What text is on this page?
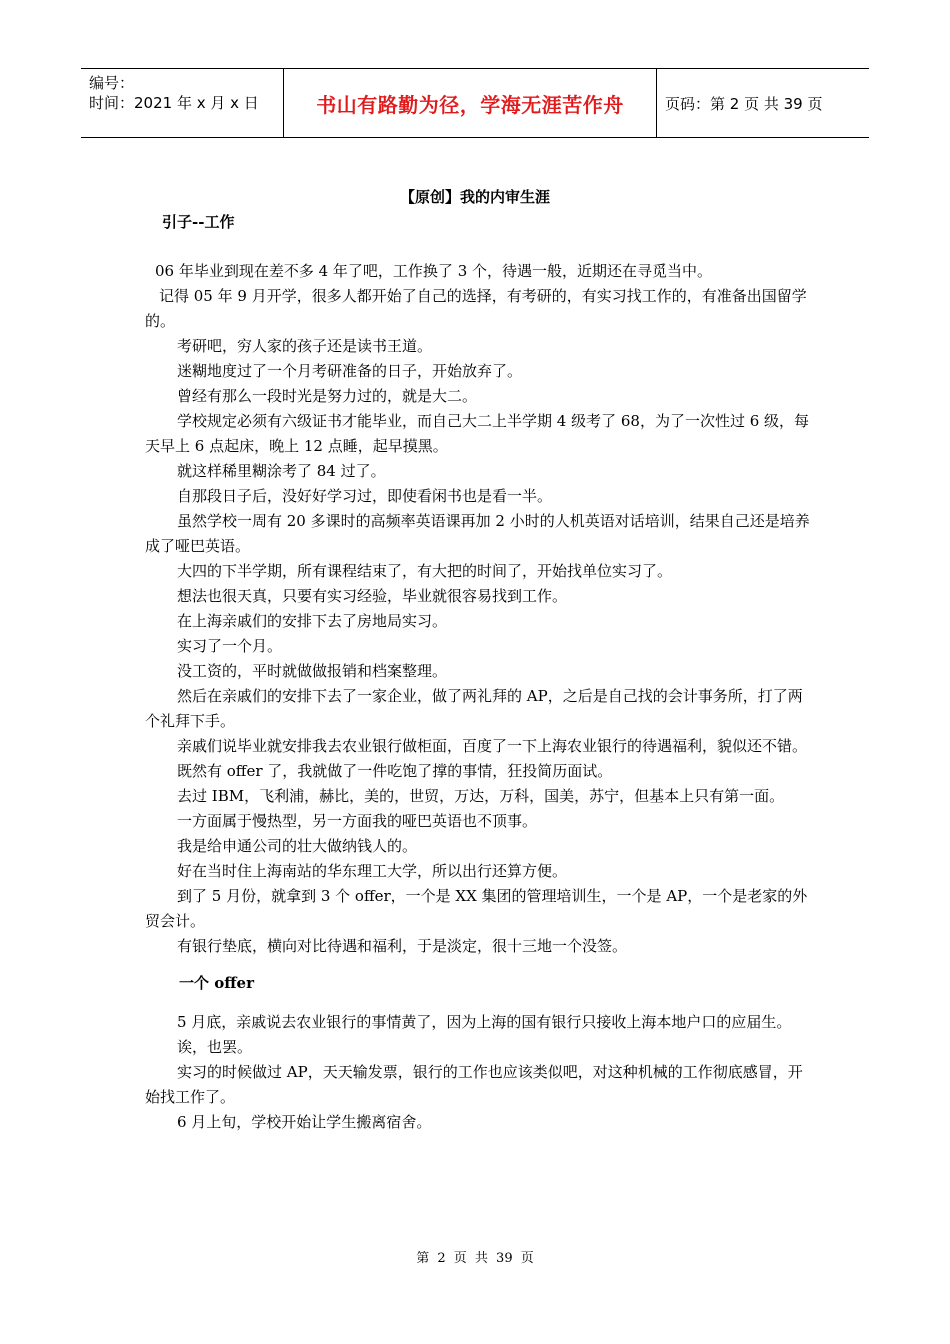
编号：
时间：2021 年 x 月 x 日	书山有路勤为径，学海无涯苦作舟	页码：第 2 页 共 39 页
【原创】我的内审生涯
引子--工作

06 年毕业到现在差不多 4 年了吧，工作换了 3 个，待遇一般，近期还在寻觅当中。

记得 05 年 9 月开学，很多人都开始了自己的选择，有考研的，有实习找工作的，有准备出国留学的。

考研吧，穷人家的孩子还是读书王道。

迷糊地度过了一个月考研准备的日子，开始放弃了。

曾经有那么一段时光是努力过的，就是大二。

学校规定必须有六级证书才能毕业，而自己大二上半学期 4 级考了 68，为了一次性过 6 级，每天早上 6 点起床，晚上 12 点睡，起早摸黑。

就这样稀里糊涂考了 84 过了。

自那段日子后，没好好学习过，即使看闲书也是看一半。

虽然学校一周有 20 多课时的高频率英语课再加 2 小时的人机英语对话培训，结果自己还是培养成了哑巴英语。

大四的下半学期，所有课程结束了，有大把的时间了，开始找单位实习了。

想法也很天真，只要有实习经验，毕业就很容易找到工作。

在上海亲戚们的安排下去了房地局实习。

实习了一个月。

没工资的，平时就做做报销和档案整理。

然后在亲戚们的安排下去了一家企业，做了两礼拜的 AP，之后是自己找的会计事务所，打了两个礼拜下手。

亲戚们说毕业就安排我去农业银行做柜面，百度了一下上海农业银行的待遇福利，貌似还不错。

既然有 offer 了，我就做了一件吃饱了撑的事情，狂投简历面试。

去过 IBM，飞利浦，赫比，美的，世贸，万达，万科，国美，苏宁，但基本上只有第一面。

一方面属于慢热型，另一方面我的哑巴英语也不顶事。

我是给申通公司的壮大做纳钱人的。

好在当时住上海南站的华东理工大学，所以出行还算方便。

到了 5 月份，就拿到 3 个 offer，一个是 XX 集团的管理培训生，一个是 AP，一个是老家的外贸会计。

有银行垫底，横向对比待遇和福利，于是淡定，很十三地一个没签。

一个 offer

5 月底，亲戚说去农业银行的事情黄了，因为上海的国有银行只接收上海本地户口的应届生。

诶，也罢。

实习的时候做过 AP，天天输发票，银行的工作也应该类似吧，对这种机械的工作彻底感冒，开始找工作了。

6 月上旬，学校开始让学生搬离宿舍。

第 2 页 共 39 页
